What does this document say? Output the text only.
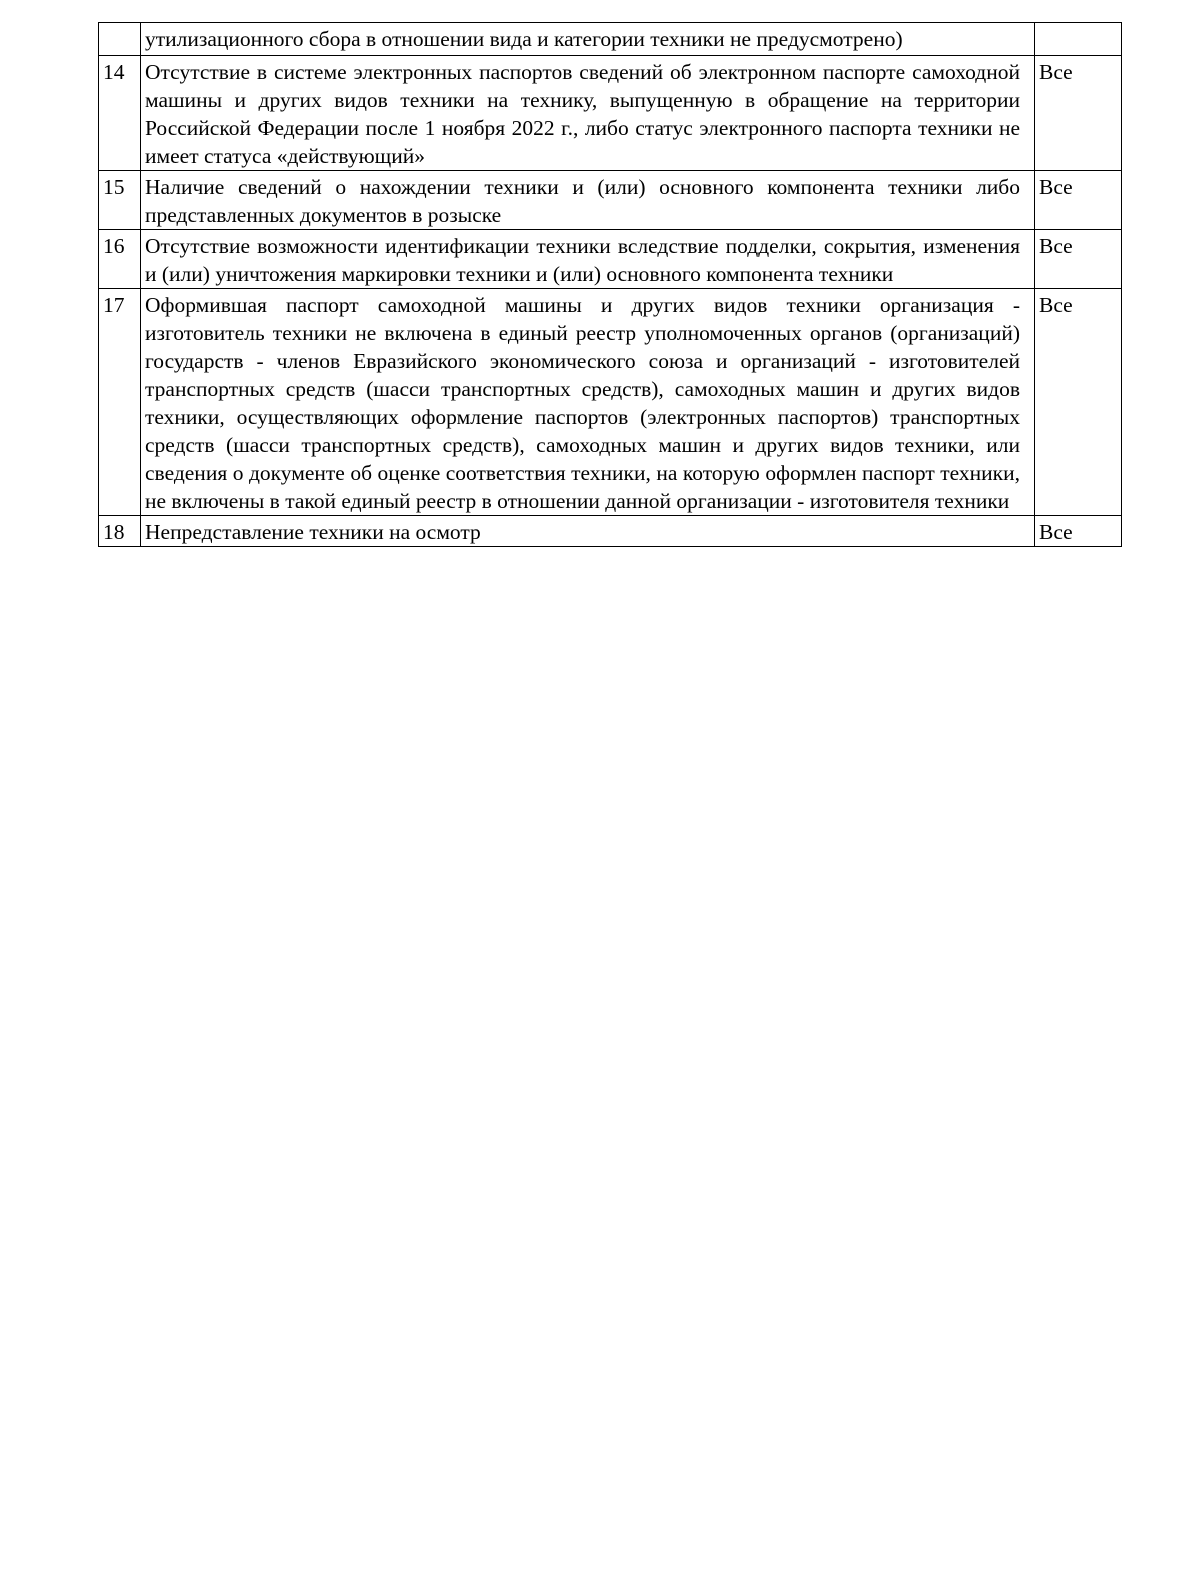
	утилизационного сбора в отношении вида и категории техники не предусмотрено)	
14	Отсутствие в системе электронных паспортов сведений об электронном паспорте самоходной машины и других видов техники на технику, выпущенную в обращение на территории Российской Федерации после 1 ноября 2022 г., либо статус электронного паспорта техники не имеет статуса «действующий»	Все
15	Наличие сведений о нахождении техники и (или) основного компонента техники либо представленных документов в розыске	Все
16	Отсутствие возможности идентификации техники вследствие подделки, сокрытия, изменения и (или) уничтожения маркировки техники и (или) основного компонента техники	Все
17	Оформившая паспорт самоходной машины и других видов техники организация - изготовитель техники не включена в единый реестр уполномоченных органов (организаций) государств - членов Евразийского экономического союза и организаций - изготовителей транспортных средств (шасси транспортных средств), самоходных машин и других видов техники, осуществляющих оформление паспортов (электронных паспортов) транспортных средств (шасси транспортных средств), самоходных машин и других видов техники, или сведения о документе об оценке соответствия техники, на которую оформлен паспорт техники, не включены в такой единый реестр в отношении данной организации - изготовителя техники	Все
18	Непредставление техники на осмотр	Все
